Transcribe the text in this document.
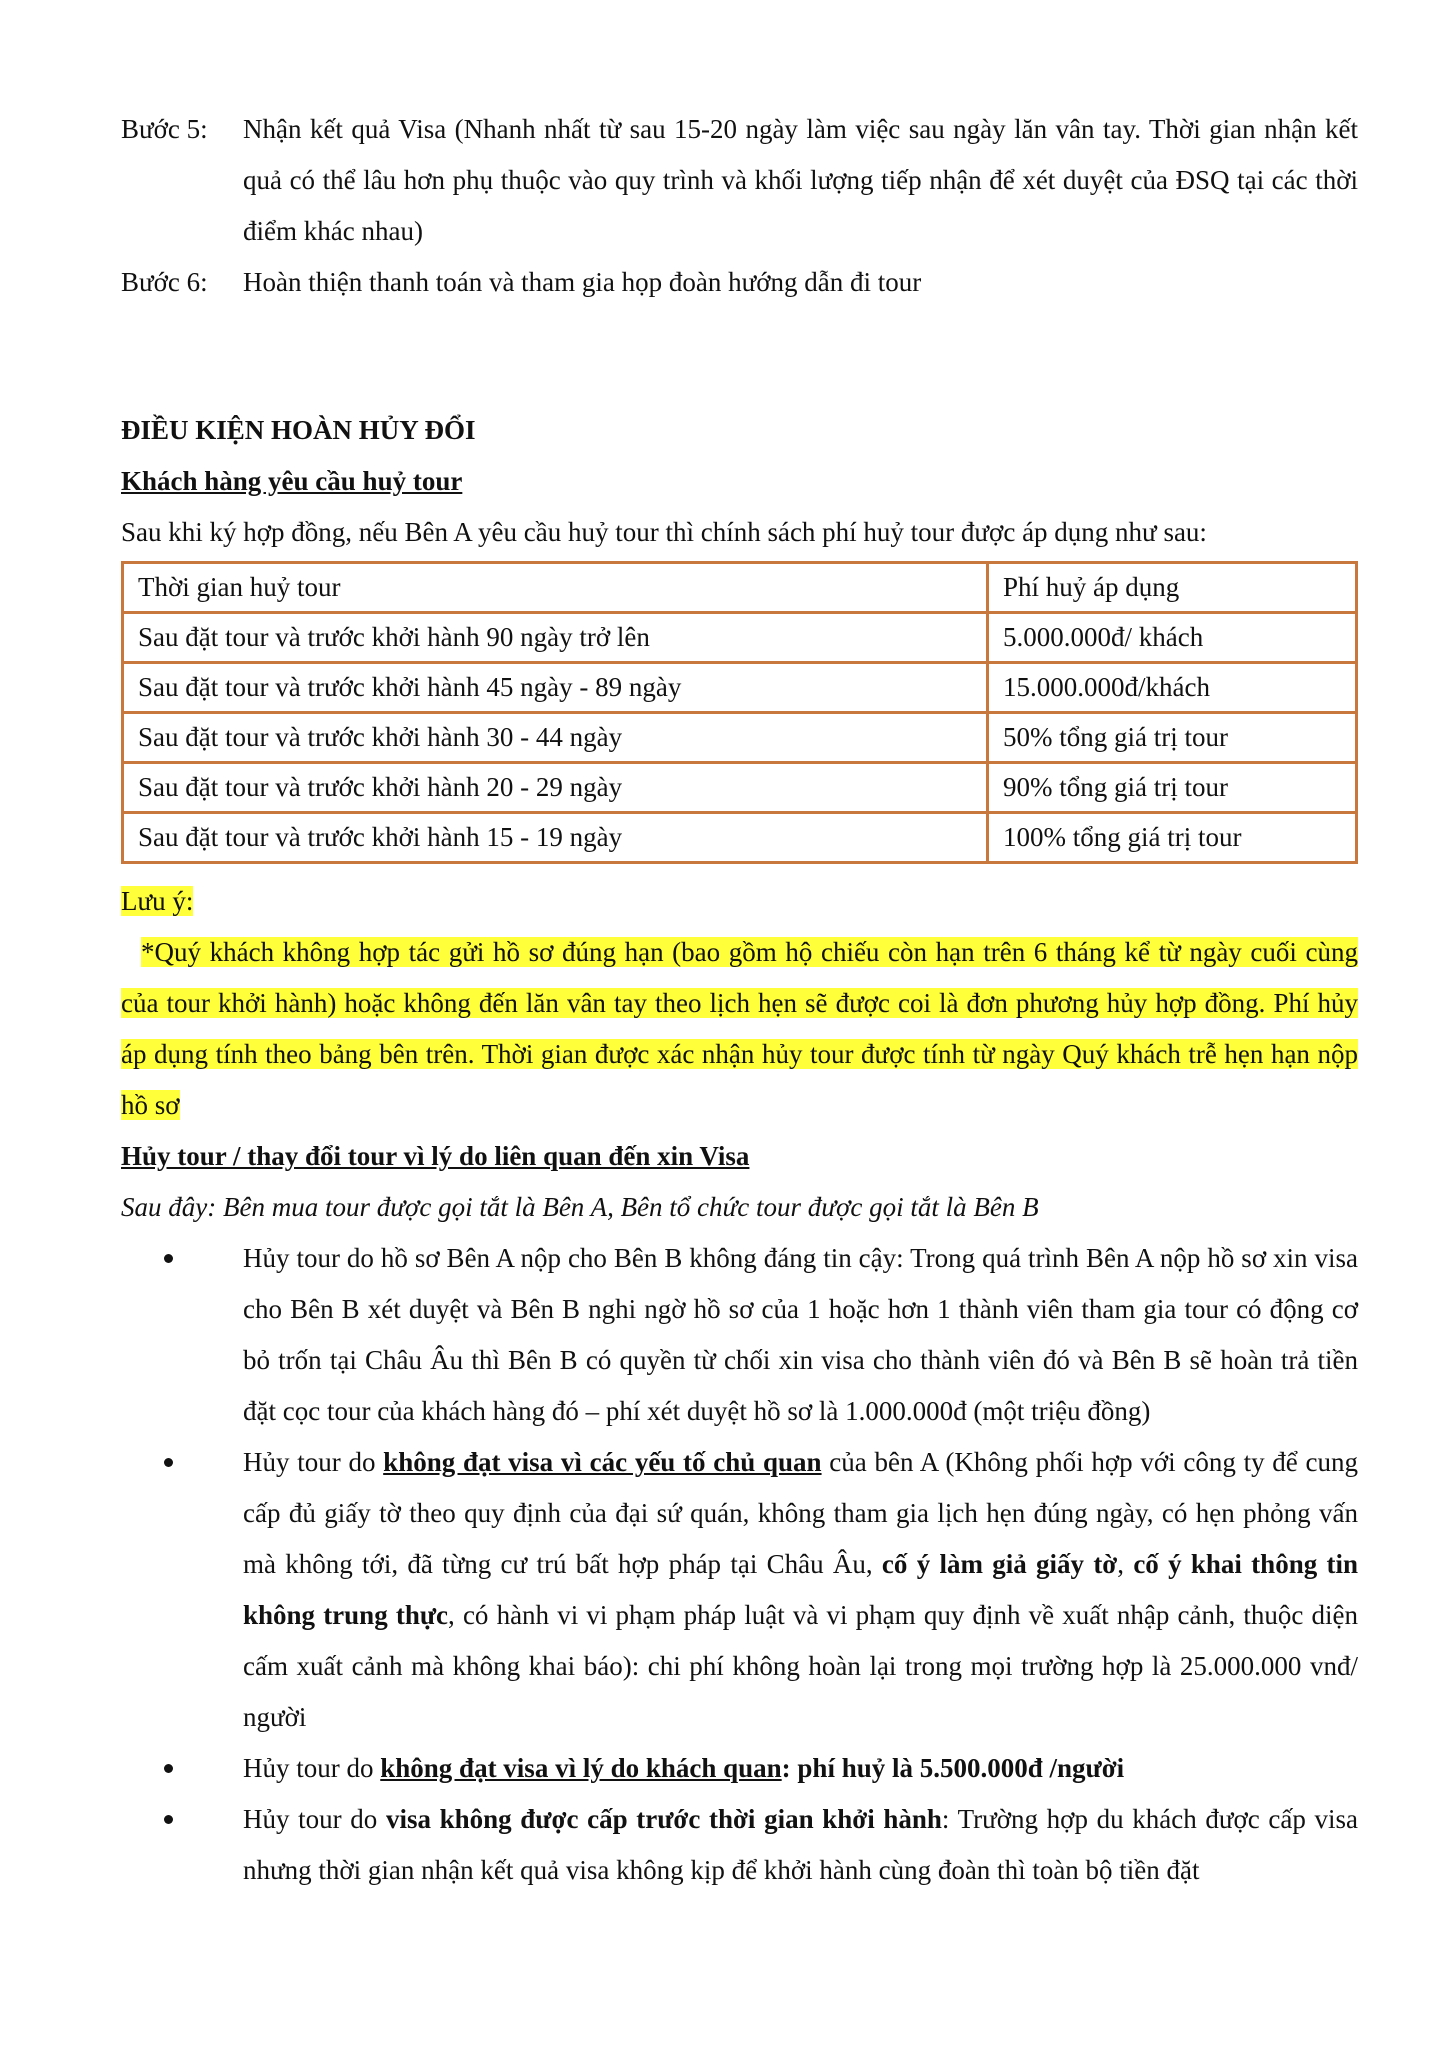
Bước 5:	Nhận kết quả Visa (Nhanh nhất từ sau 15-20 ngày làm việc sau ngày lăn vân tay. Thời gian nhận kết quả có thể lâu hơn phụ thuộc vào quy trình và khối lượng tiếp nhận để xét duyệt của ĐSQ tại các thời điểm khác nhau)
Bước 6:	Hoàn thiện thanh toán và tham gia họp đoàn hướng dẫn đi tour
ĐIỀU KIỆN HOÀN HỦY ĐỔI
Khách hàng yêu cầu huỷ tour
Sau khi ký hợp đồng, nếu Bên A yêu cầu huỷ tour thì chính sách phí huỷ tour được áp dụng như sau:
Thời gian huỷ tour	Phí huỷ áp dụng
Sau đặt tour và trước khởi hành 90 ngày trở lên	5.000.000đ/ khách
Sau đặt tour và trước khởi hành 45 ngày - 89 ngày	15.000.000đ/khách
Sau đặt tour và trước khởi hành 30 - 44 ngày	50% tổng giá trị tour
Sau đặt tour và trước khởi hành 20 - 29 ngày	90% tổng giá trị tour
Sau đặt tour và trước khởi hành 15 - 19 ngày	100% tổng giá trị tour
Lưu ý:
*Quý khách không hợp tác gửi hồ sơ đúng hạn (bao gồm hộ chiếu còn hạn trên 6 tháng kể từ ngày cuối cùng của tour khởi hành) hoặc không đến lăn vân tay theo lịch hẹn sẽ được coi là đơn phương hủy hợp đồng. Phí hủy áp dụng tính theo bảng bên trên. Thời gian được xác nhận hủy tour được tính từ ngày Quý khách trễ hẹn hạn nộp hồ sơ
Hủy tour / thay đổi tour vì lý do liên quan đến xin Visa
Sau đây: Bên mua tour được gọi tắt là Bên A, Bên tổ chức tour được gọi tắt là Bên B
Hủy tour do hồ sơ Bên A nộp cho Bên B không đáng tin cậy: Trong quá trình Bên A nộp hồ sơ xin visa cho Bên B xét duyệt và Bên B nghi ngờ hồ sơ của 1 hoặc hơn 1 thành viên tham gia tour có động cơ bỏ trốn tại Châu Âu thì Bên B có quyền từ chối xin visa cho thành viên đó và Bên B sẽ hoàn trả tiền đặt cọc tour của khách hàng đó – phí xét duyệt hồ sơ là 1.000.000đ (một triệu đồng)
Hủy tour do không đạt visa vì các yếu tố chủ quan của bên A (Không phối hợp với công ty để cung cấp đủ giấy tờ theo quy định của đại sứ quán, không tham gia lịch hẹn đúng ngày, có hẹn phỏng vấn mà không tới, đã từng cư trú bất hợp pháp tại Châu Âu, cố ý làm giả giấy tờ, cố ý khai thông tin không trung thực, có hành vi vi phạm pháp luật và vi phạm quy định về xuất nhập cảnh, thuộc diện cấm xuất cảnh mà không khai báo): chi phí không hoàn lại trong mọi trường hợp là 25.000.000 vnđ/ người
Hủy tour do không đạt visa vì lý do khách quan: phí huỷ là 5.500.000đ /người
Hủy tour do visa không được cấp trước thời gian khởi hành: Trường hợp du khách được cấp visa nhưng thời gian nhận kết quả visa không kịp để khởi hành cùng đoàn thì toàn bộ tiền đặt
